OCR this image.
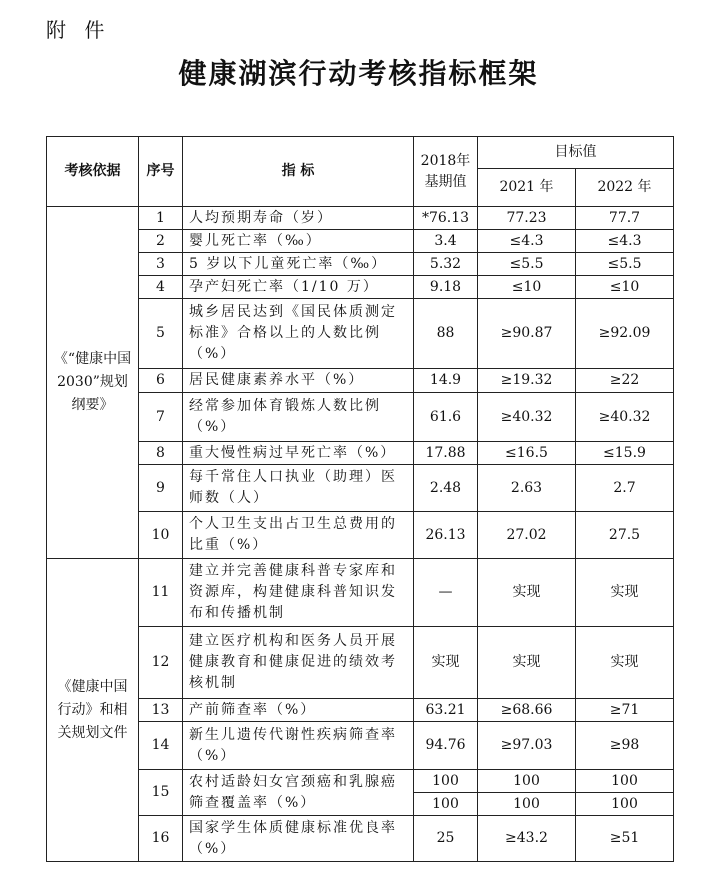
附 件
健康湖滨行动考核指标框架
考核依据	序号	指 标	2018年基期值	目标值	
				2021 年	2022 年
《“健康中国 2030”规划纲要》	1	人均预期寿命（岁）	*76.13	77.23	77.7
	2	婴儿死亡率（‰）	3.4	≤4.3	≤4.3
	3	5 岁以下儿童死亡率（‰）	5.32	≤5.5	≤5.5
	4	孕产妇死亡率（1/10 万）	9.18	≤10	≤10
	5	城乡居民达到《国民体质测定标准》合格以上的人数比例（%）	88	≥90.87	≥92.09
	6	居民健康素养水平（%）	14.9	≥19.32	≥22
	7	经常参加体育锻炼人数比例（%）	61.6	≥40.32	≥40.32
	8	重大慢性病过早死亡率（%）	17.88	≤16.5	≤15.9
	9	每千常住人口执业（助理）医师数（人）	2.48	2.63	2.7
	10	个人卫生支出占卫生总费用的比重（%）	26.13	27.02	27.5
《健康中国行动》和相关规划文件	11	建立并完善健康科普专家库和资源库，构建健康科普知识发布和传播机制	—	实现	实现
	12	建立医疗机构和医务人员开展健康教育和健康促进的绩效考核机制	实现	实现	实现
	13	产前筛查率（%）	63.21	≥68.66	≥71
	14	新生儿遗传代谢性疾病筛查率（%）	94.76	≥97.03	≥98
	15	农村适龄妇女宫颈癌和乳腺癌筛查覆盖率（%）	100	100	100
			100	100	100
	16	国家学生体质健康标准优良率（%）	25	≥43.2	≥51
